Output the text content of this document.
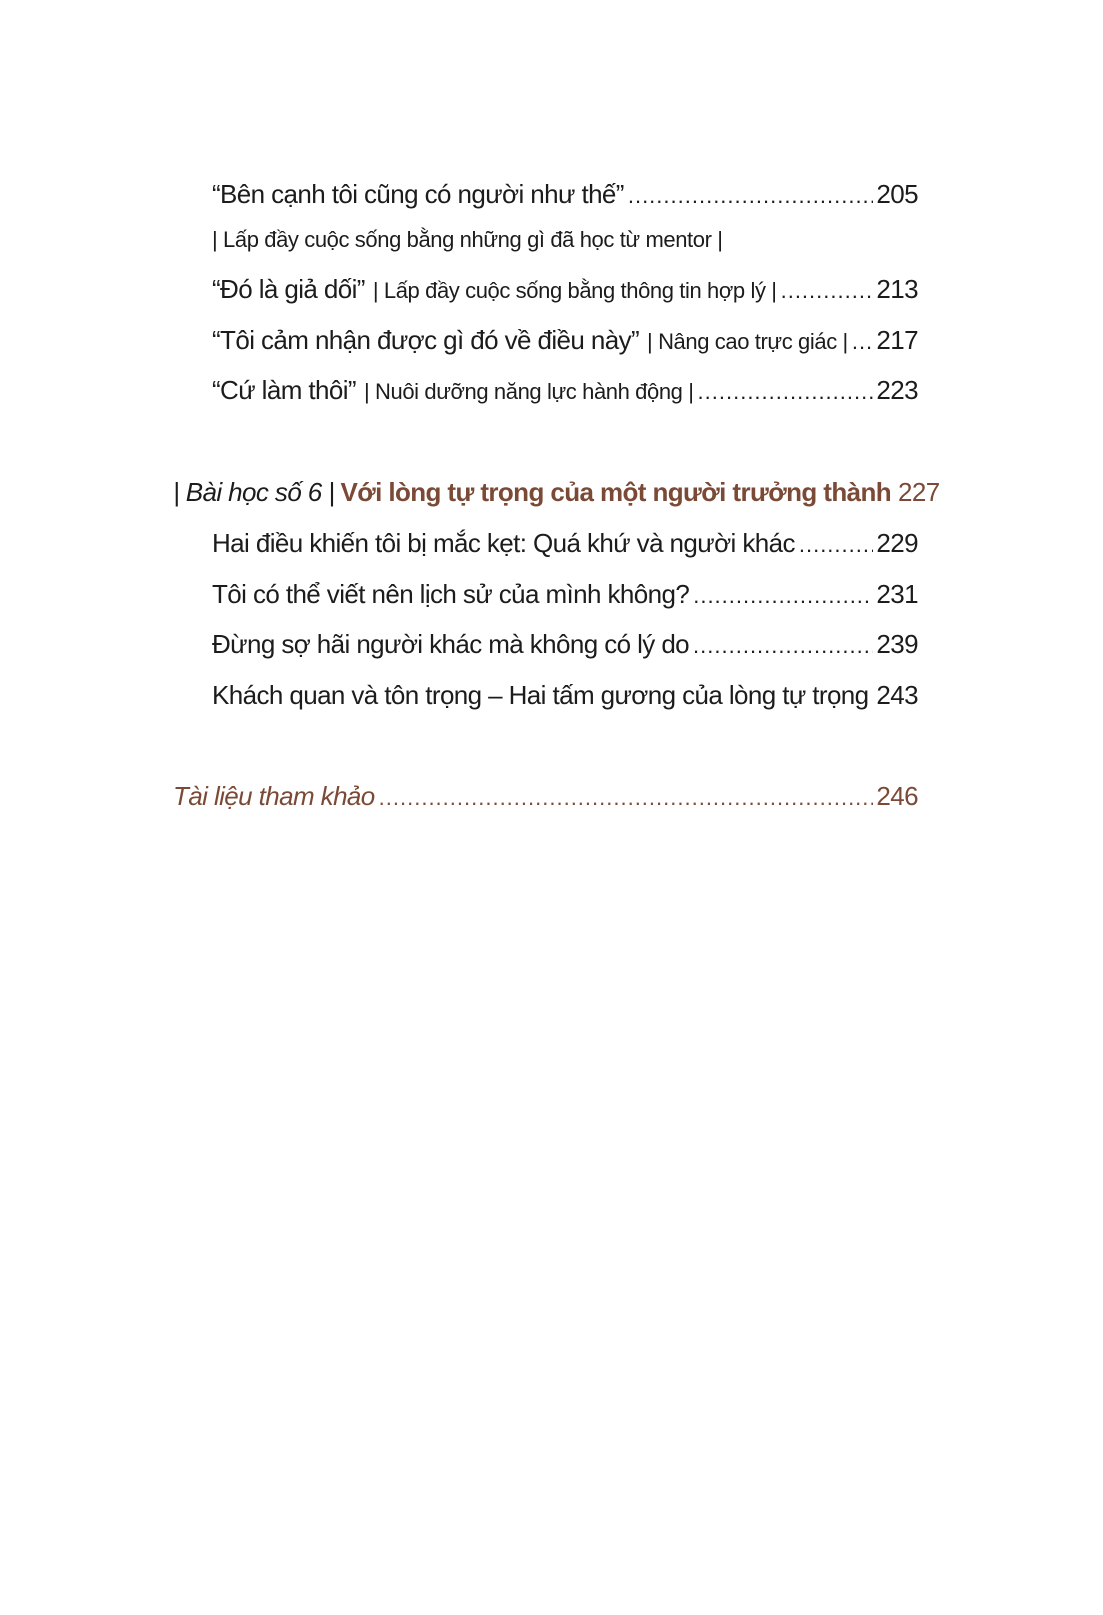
“Bên cạnh tôi cũng có người như thế” .....	205
| Lấp đầy cuộc sống bằng những gì đã học từ mentor |
“Đó là giả dối” | Lấp đầy cuộc sống bằng thông tin hợp lý | .....	213
“Tôi cảm nhận được gì đó về điều này” | Nâng cao trực giác | ..... 217
“Cứ làm thôi” | Nuôi dưỡng năng lực hành động | .....	223
| Bài học số 6 | Với lòng tự trọng của một người trưởng thành 227
Hai điều khiến tôi bị mắc kẹt: Quá khứ và người khác .....	229
Tôi có thể viết nên lịch sử của mình không? .....	231
Đừng sợ hãi người khác mà không có lý do .....	239
Khách quan và tôn trọng – Hai tấm gương của lòng tự trọng ..... 243
Tài liệu tham khảo .....	246
